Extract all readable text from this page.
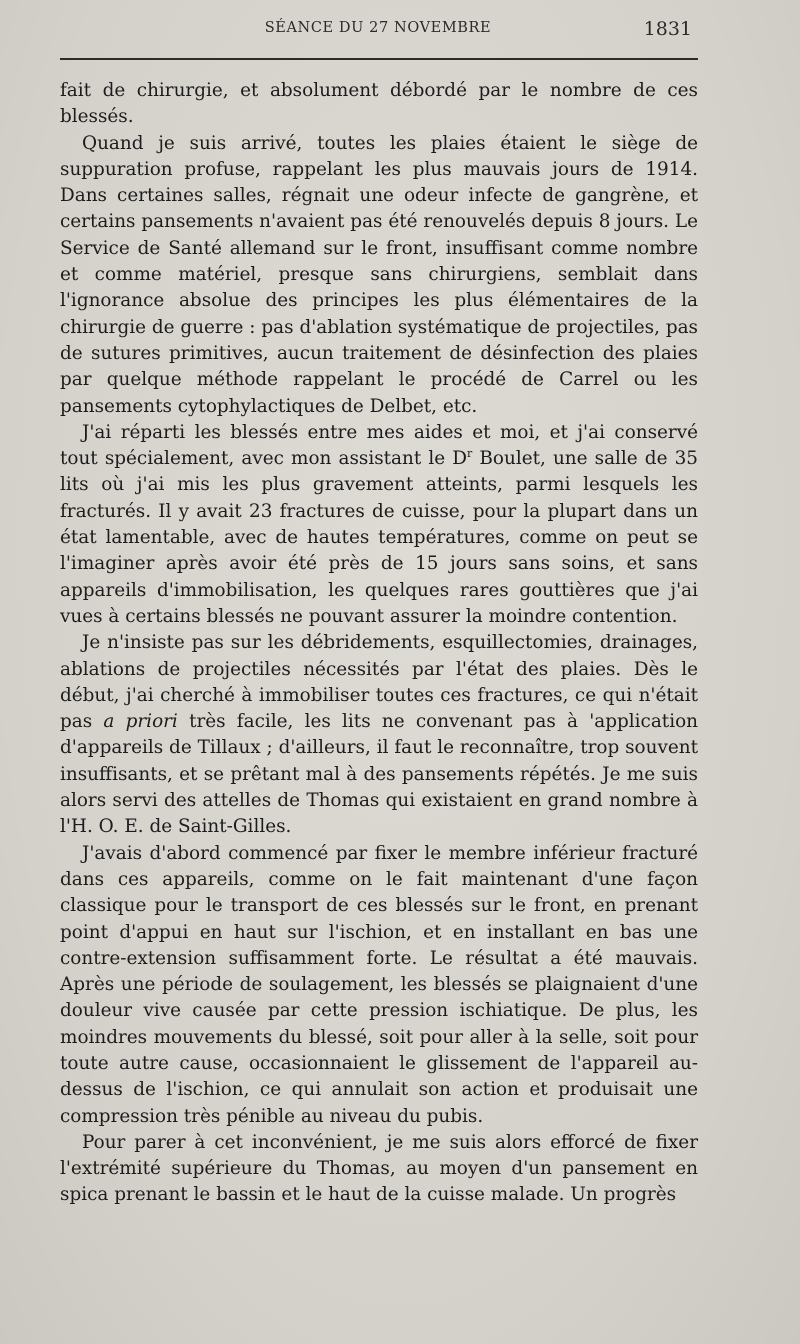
SÉANCE DU 27 NOVEMBRE	1831

fait de chirurgie, et absolument débordé par le nombre de ces blessés.

Quand je suis arrivé, toutes les plaies étaient le siège de suppuration profuse, rappelant les plus mauvais jours de 1914. Dans certaines salles, régnait une odeur infecte de gangrène, et certains pansements n'avaient pas été renouvelés depuis 8 jours. Le Service de Santé allemand sur le front, insuffisant comme nombre et comme matériel, presque sans chirurgiens, semblait dans l'ignorance absolue des principes les plus élémentaires de la chirurgie de guerre : pas d'ablation systématique de projectiles, pas de sutures primitives, aucun traitement de désinfection des plaies par quelque méthode rappelant le procédé de Carrel ou les pansements cytophylactiques de Delbet, etc.

J'ai réparti les blessés entre mes aides et moi, et j'ai conservé tout spécialement, avec mon assistant le $D^r$ Boulet, une salle de 35 lits où j'ai mis les plus gravement atteints, parmi lesquels les fracturés. Il y avait 23 fractures de cuisse, pour la plupart dans un état lamentable, avec de hautes températures, comme on peut se l'imaginer après avoir été près de 15 jours sans soins, et sans appareils d'immobilisation, les quelques rares gouttières que j'ai vues à certains blessés ne pouvant assurer la moindre contention.

Je n'insiste pas sur les débridements, esquillectomies, drainages, ablations de projectiles nécessités par l'état des plaies. Dès le début, j'ai cherché à immobiliser toutes ces fractures, ce qui n'était pas a priori très facile, les lits ne convenant pas à 'application d'appareils de Tillaux ; d'ailleurs, il faut le reconnaître, trop souvent insuffisants, et se prêtant mal à des pansements répétés. Je me suis alors servi des attelles de Thomas qui existaient en grand nombre à l'H. O. E. de Saint-Gilles.

J'avais d'abord commencé par fixer le membre inférieur fracturé dans ces appareils, comme on le fait maintenant d'une façon classique pour le transport de ces blessés sur le front, en prenant point d'appui en haut sur l'ischion, et en installant en bas une contre-extension suffisamment forte. Le résultat a été mauvais. Après une période de soulagement, les blessés se plaignaient d'une douleur vive causée par cette pression ischiatique. De plus, les moindres mouvements du blessé, soit pour aller à la selle, soit pour toute autre cause, occasionnaient le glissement de l'appareil au-dessus de l'ischion, ce qui annulait son action et produisait une compression très pénible au niveau du pubis.

Pour parer à cet inconvénient, je me suis alors efforcé de fixer l'extrémité supérieure du Thomas, au moyen d'un pansement en spica prenant le bassin et le haut de la cuisse malade. Un progrès
